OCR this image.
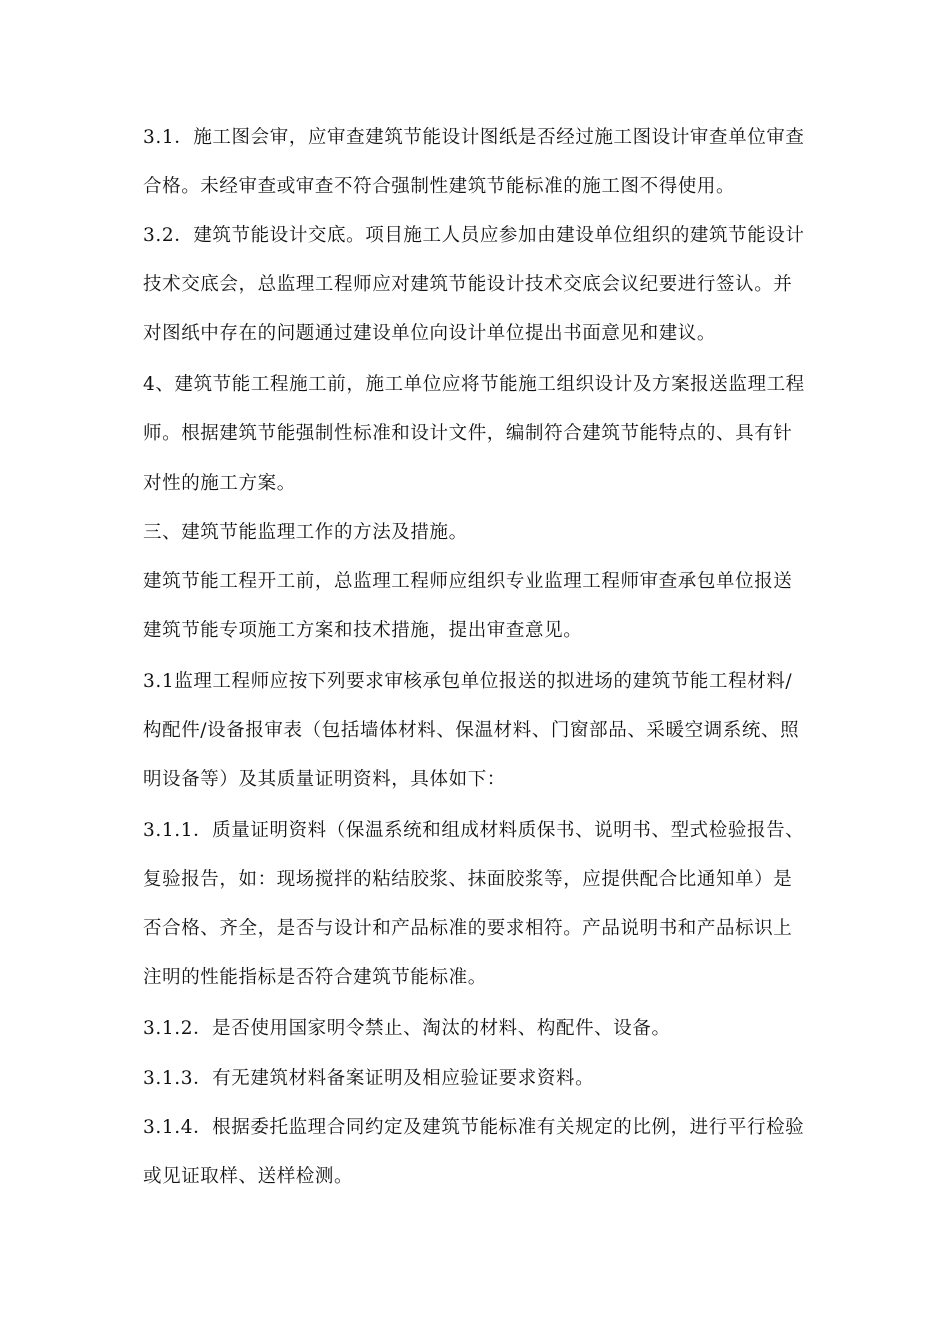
3.1．施工图会审，应审查建筑节能设计图纸是否经过施工图设计审查单位审查
合格。未经审查或审查不符合强制性建筑节能标准的施工图不得使用。
3.2．建筑节能设计交底。项目施工人员应参加由建设单位组织的建筑节能设计
技术交底会，总监理工程师应对建筑节能设计技术交底会议纪要进行签认。并
对图纸中存在的问题通过建设单位向设计单位提出书面意见和建议。
4、建筑节能工程施工前，施工单位应将节能施工组织设计及方案报送监理工程
师。根据建筑节能强制性标准和设计文件，编制符合建筑节能特点的、具有针
对性的施工方案。
三、建筑节能监理工作的方法及措施。
建筑节能工程开工前，总监理工程师应组织专业监理工程师审查承包单位报送
建筑节能专项施工方案和技术措施，提出审查意见。
3.1监理工程师应按下列要求审核承包单位报送的拟进场的建筑节能工程材料/
构配件/设备报审表（包括墙体材料、保温材料、门窗部品、采暖空调系统、照
明设备等）及其质量证明资料，具体如下：
3.1.1．质量证明资料（保温系统和组成材料质保书、说明书、型式检验报告、
复验报告，如：现场搅拌的粘结胶浆、抹面胶浆等，应提供配合比通知单）是
否合格、齐全，是否与设计和产品标准的要求相符。产品说明书和产品标识上
注明的性能指标是否符合建筑节能标准。
3.1.2．是否使用国家明令禁止、淘汰的材料、构配件、设备。
3.1.3．有无建筑材料备案证明及相应验证要求资料。
3.1.4．根据委托监理合同约定及建筑节能标准有关规定的比例，进行平行检验
或见证取样、送样检测。
